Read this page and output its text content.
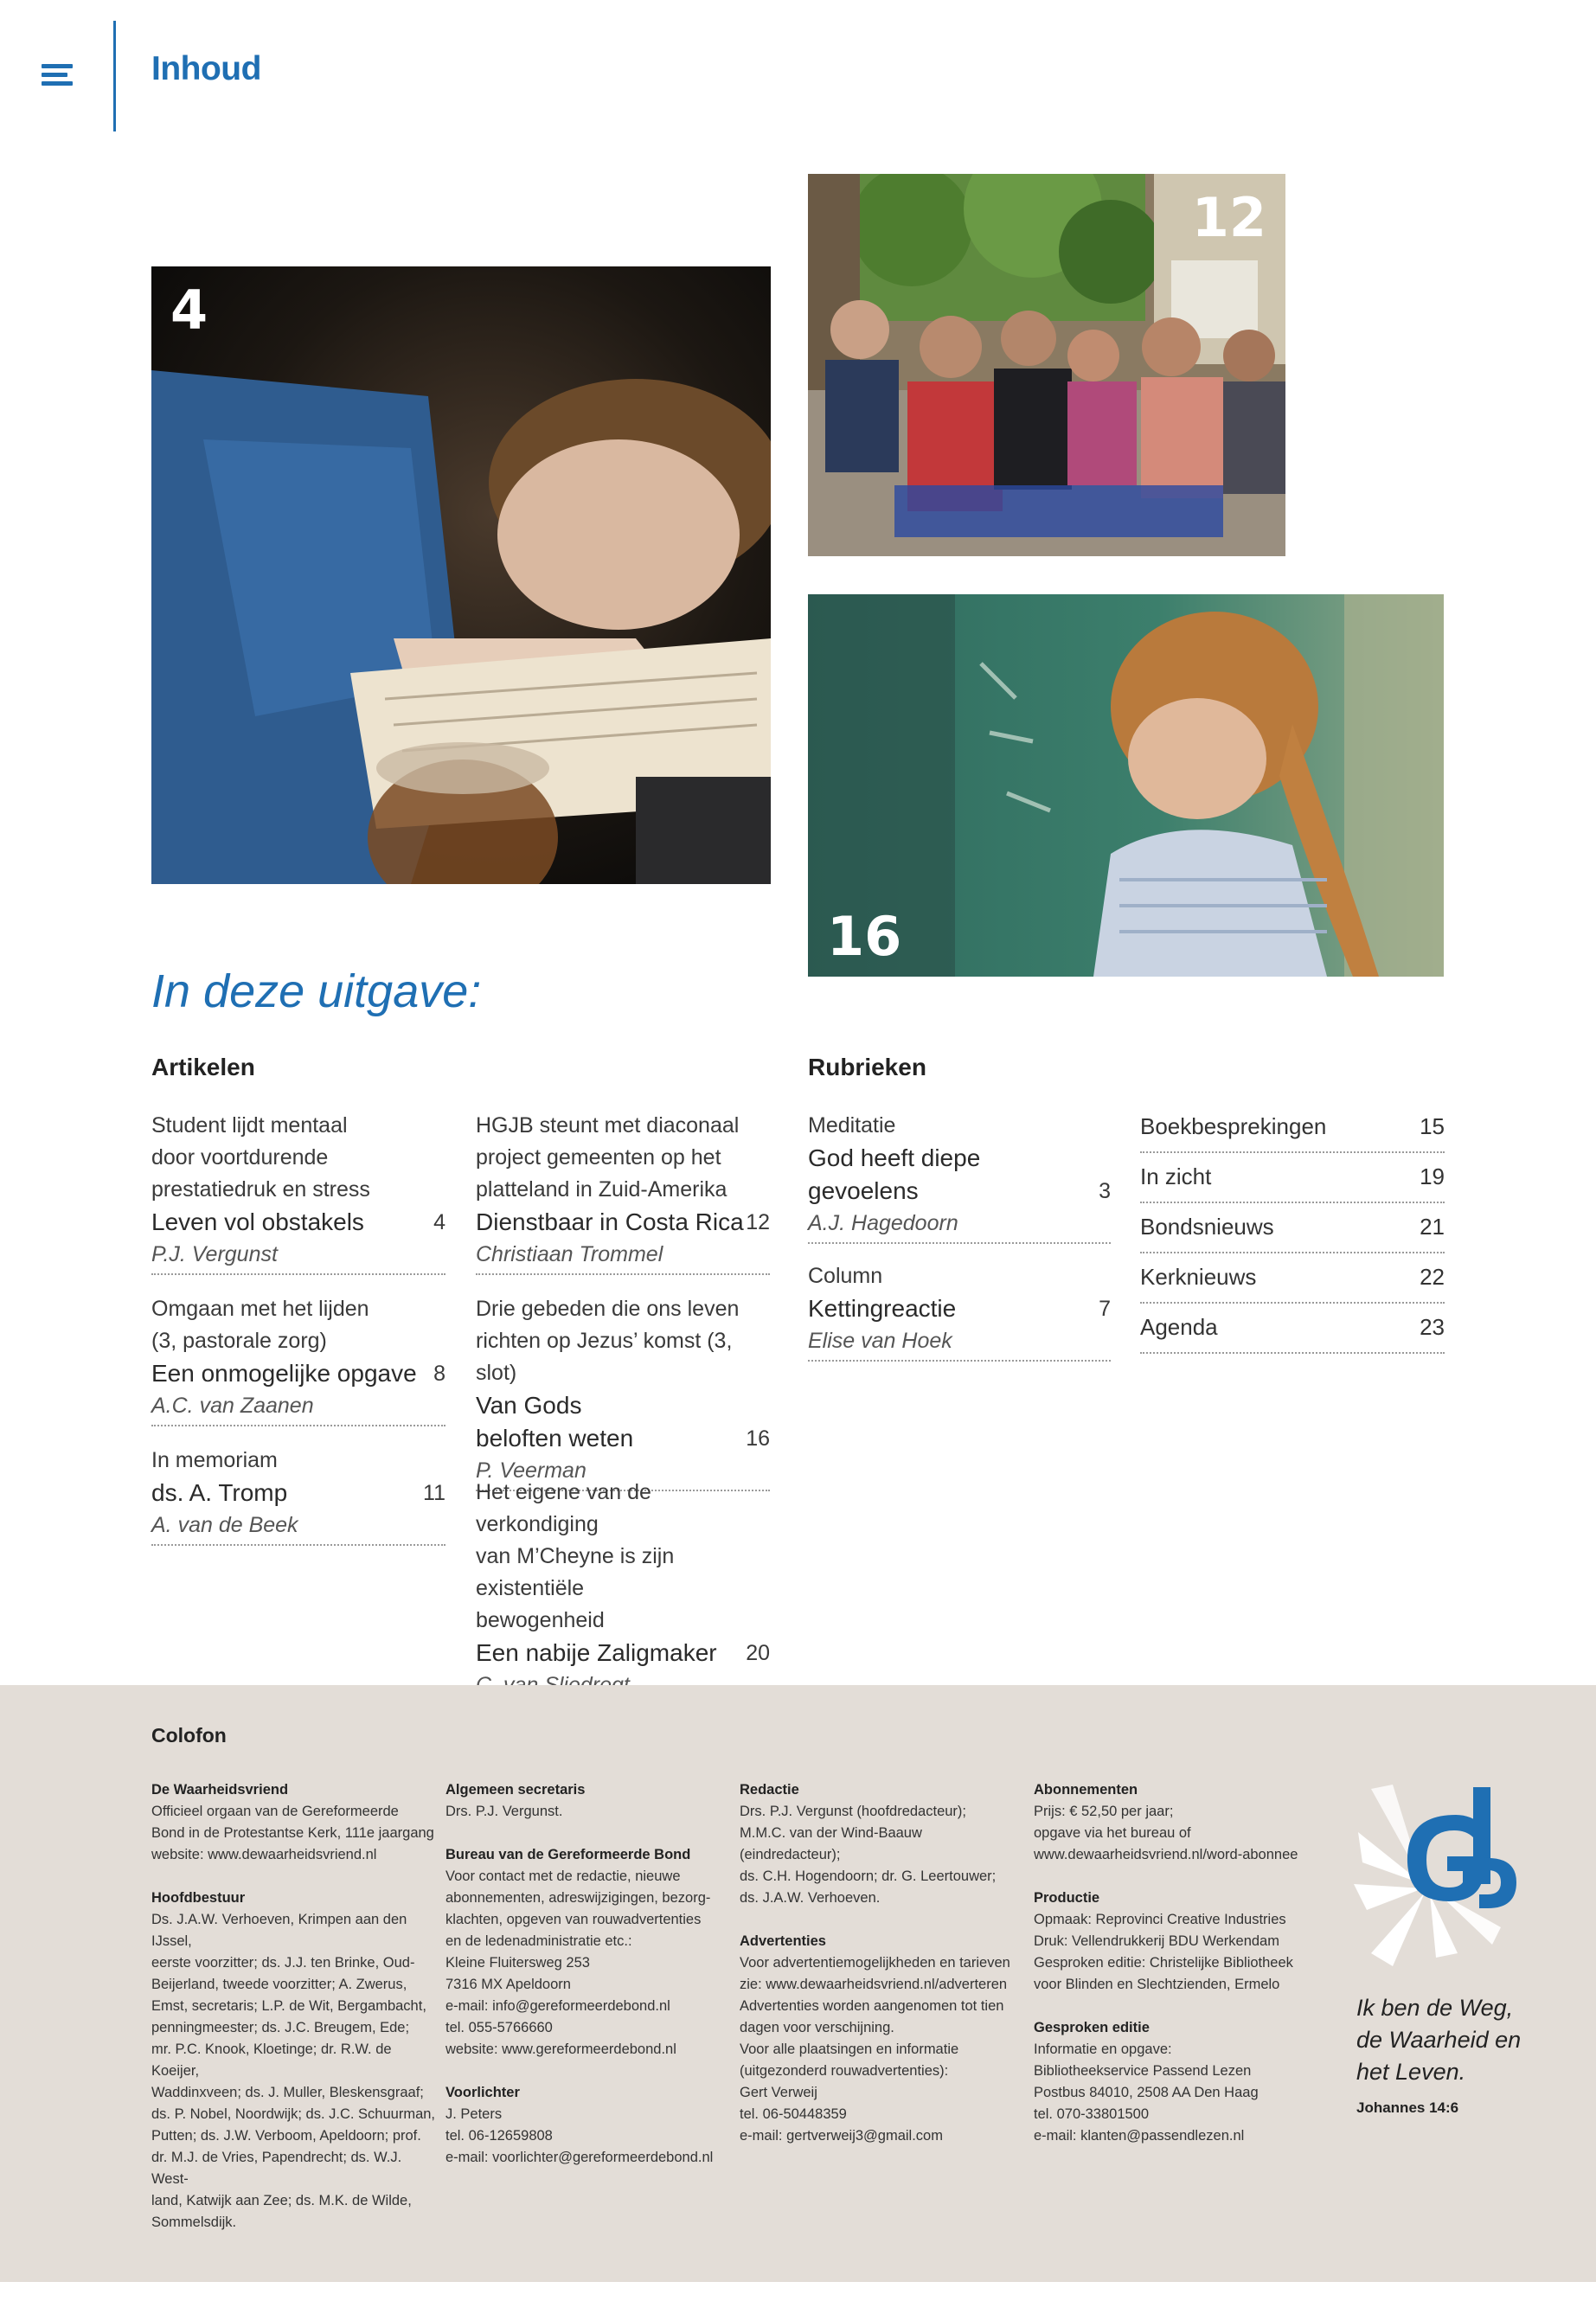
Inhoud
4
12
16
In deze uitgave:
Artikelen	Rubrieken
Student lijdt mentaal
door voortdurende
prestatiedruk en stress
Leven vol obstakels	4
P.J. Vergunst
Omgaan met het lijden
(3, pastorale zorg)
Een onmogelijke opgave 8
A.C. van Zaanen
In memoriam
ds. A. Tromp	11
A. van de Beek
HGJB steunt met diaconaal
project gemeenten op het
platteland in Zuid-Amerika
Dienstbaar in Costa Rica 12
Christiaan Trommel
Drie gebeden die ons leven
richten op Jezus’ komst (3, slot)
Van Gods
beloften weten	16
P. Veerman
Het eigene van de verkondiging
van M’Cheyne is zijn existentiële
bewogenheid
Een nabije Zaligmaker 20
Meditatie
God heeft diepe
gevoelens	3
A.J. Hagedoorn
Column
Kettingreactie	7
Elise van Hoek
Boekbesprekingen	15
In zicht	19
Bondsnieuws	21
Kerknieuws	22
Agenda	23
Colofon

De Waarheidsvriend

Officieel orgaan van de Gereformeerde

Bond in de Protestantse Kerk, 111e jaargang

website: www.dewaarheidsvriend.nl

Hoofdbestuur

Ds. J.A.W. Verhoeven, Krimpen aan den IJssel,

eerste voorzitter; ds. J.J. ten Brinke, Oud-

Beijerland, tweede voorzitter; A. Zwerus,

Emst, secretaris; L.P. de Wit, Bergambacht,

penningmeester; ds. J.C. Breugem, Ede;

mr. P.C. Knook, Kloetinge; dr. R.W. de Koeijer,

Waddinxveen; ds. J. Muller, Bleskensgraaf;

ds. P. Nobel, Noordwijk; ds. J.C. Schuurman,

Putten; ds. J.W. Verboom, Apeldoorn; prof.

dr. M.J. de Vries, Papendrecht; ds. W.J. West-

land, Katwijk aan Zee; ds. M.K. de Wilde,

Sommelsdijk.

Algemeen secretaris

Drs. P.J. Vergunst.

Bureau van de Gereformeerde Bond

Voor contact met de redactie, nieuwe

abonnementen, adreswijzigingen, bezorg-

klachten, opgeven van rouwadvertenties

en de ledenadministratie etc.:

Kleine Fluitersweg 253

7316 MX Apeldoorn

e-mail: info@gereformeerdebond.nl

tel. 055-5766660

website: www.gereformeerdebond.nl

Voorlichter

J. Peters

tel. 06-12659808

e-mail: voorlichter@gereformeerdebond.nl

Redactie

Drs. P.J. Vergunst (hoofdredacteur);

M.M.C. van der Wind-Baauw (eindredacteur);

ds. C.H. Hogendoorn; dr. G. Leertouwer;

ds. J.A.W. Verhoeven.

Advertenties

Voor advertentiemogelijkheden en tarieven

zie: www.dewaarheidsvriend.nl/adverteren

Advertenties worden aangenomen tot tien

dagen voor verschijning.

Voor alle plaatsingen en informatie

(uitgezonderd rouwadvertenties):

Gert Verweij

tel. 06-50448359

e-mail: gertverweij3@gmail.com

Abonnementen

Prijs: € 52,50 per jaar;

opgave via het bureau of

www.dewaarheidsvriend.nl/word-abonnee

Productie

Opmaak: Reprovinci Creative Industries

Druk: Vellendrukkerij BDU Werkendam

Gesproken editie: Christelijke Bibliotheek

voor Blinden en Slechtzienden, Ermelo

Gesproken editie

Informatie en opgave:

Bibliotheekservice Passend Lezen

Postbus 84010, 2508 AA Den Haag

tel. 070-33801500

e-mail: klanten@passendlezen.nl

Ik ben de Weg,
de Waarheid en
het Leven.
Johannes 14:6
